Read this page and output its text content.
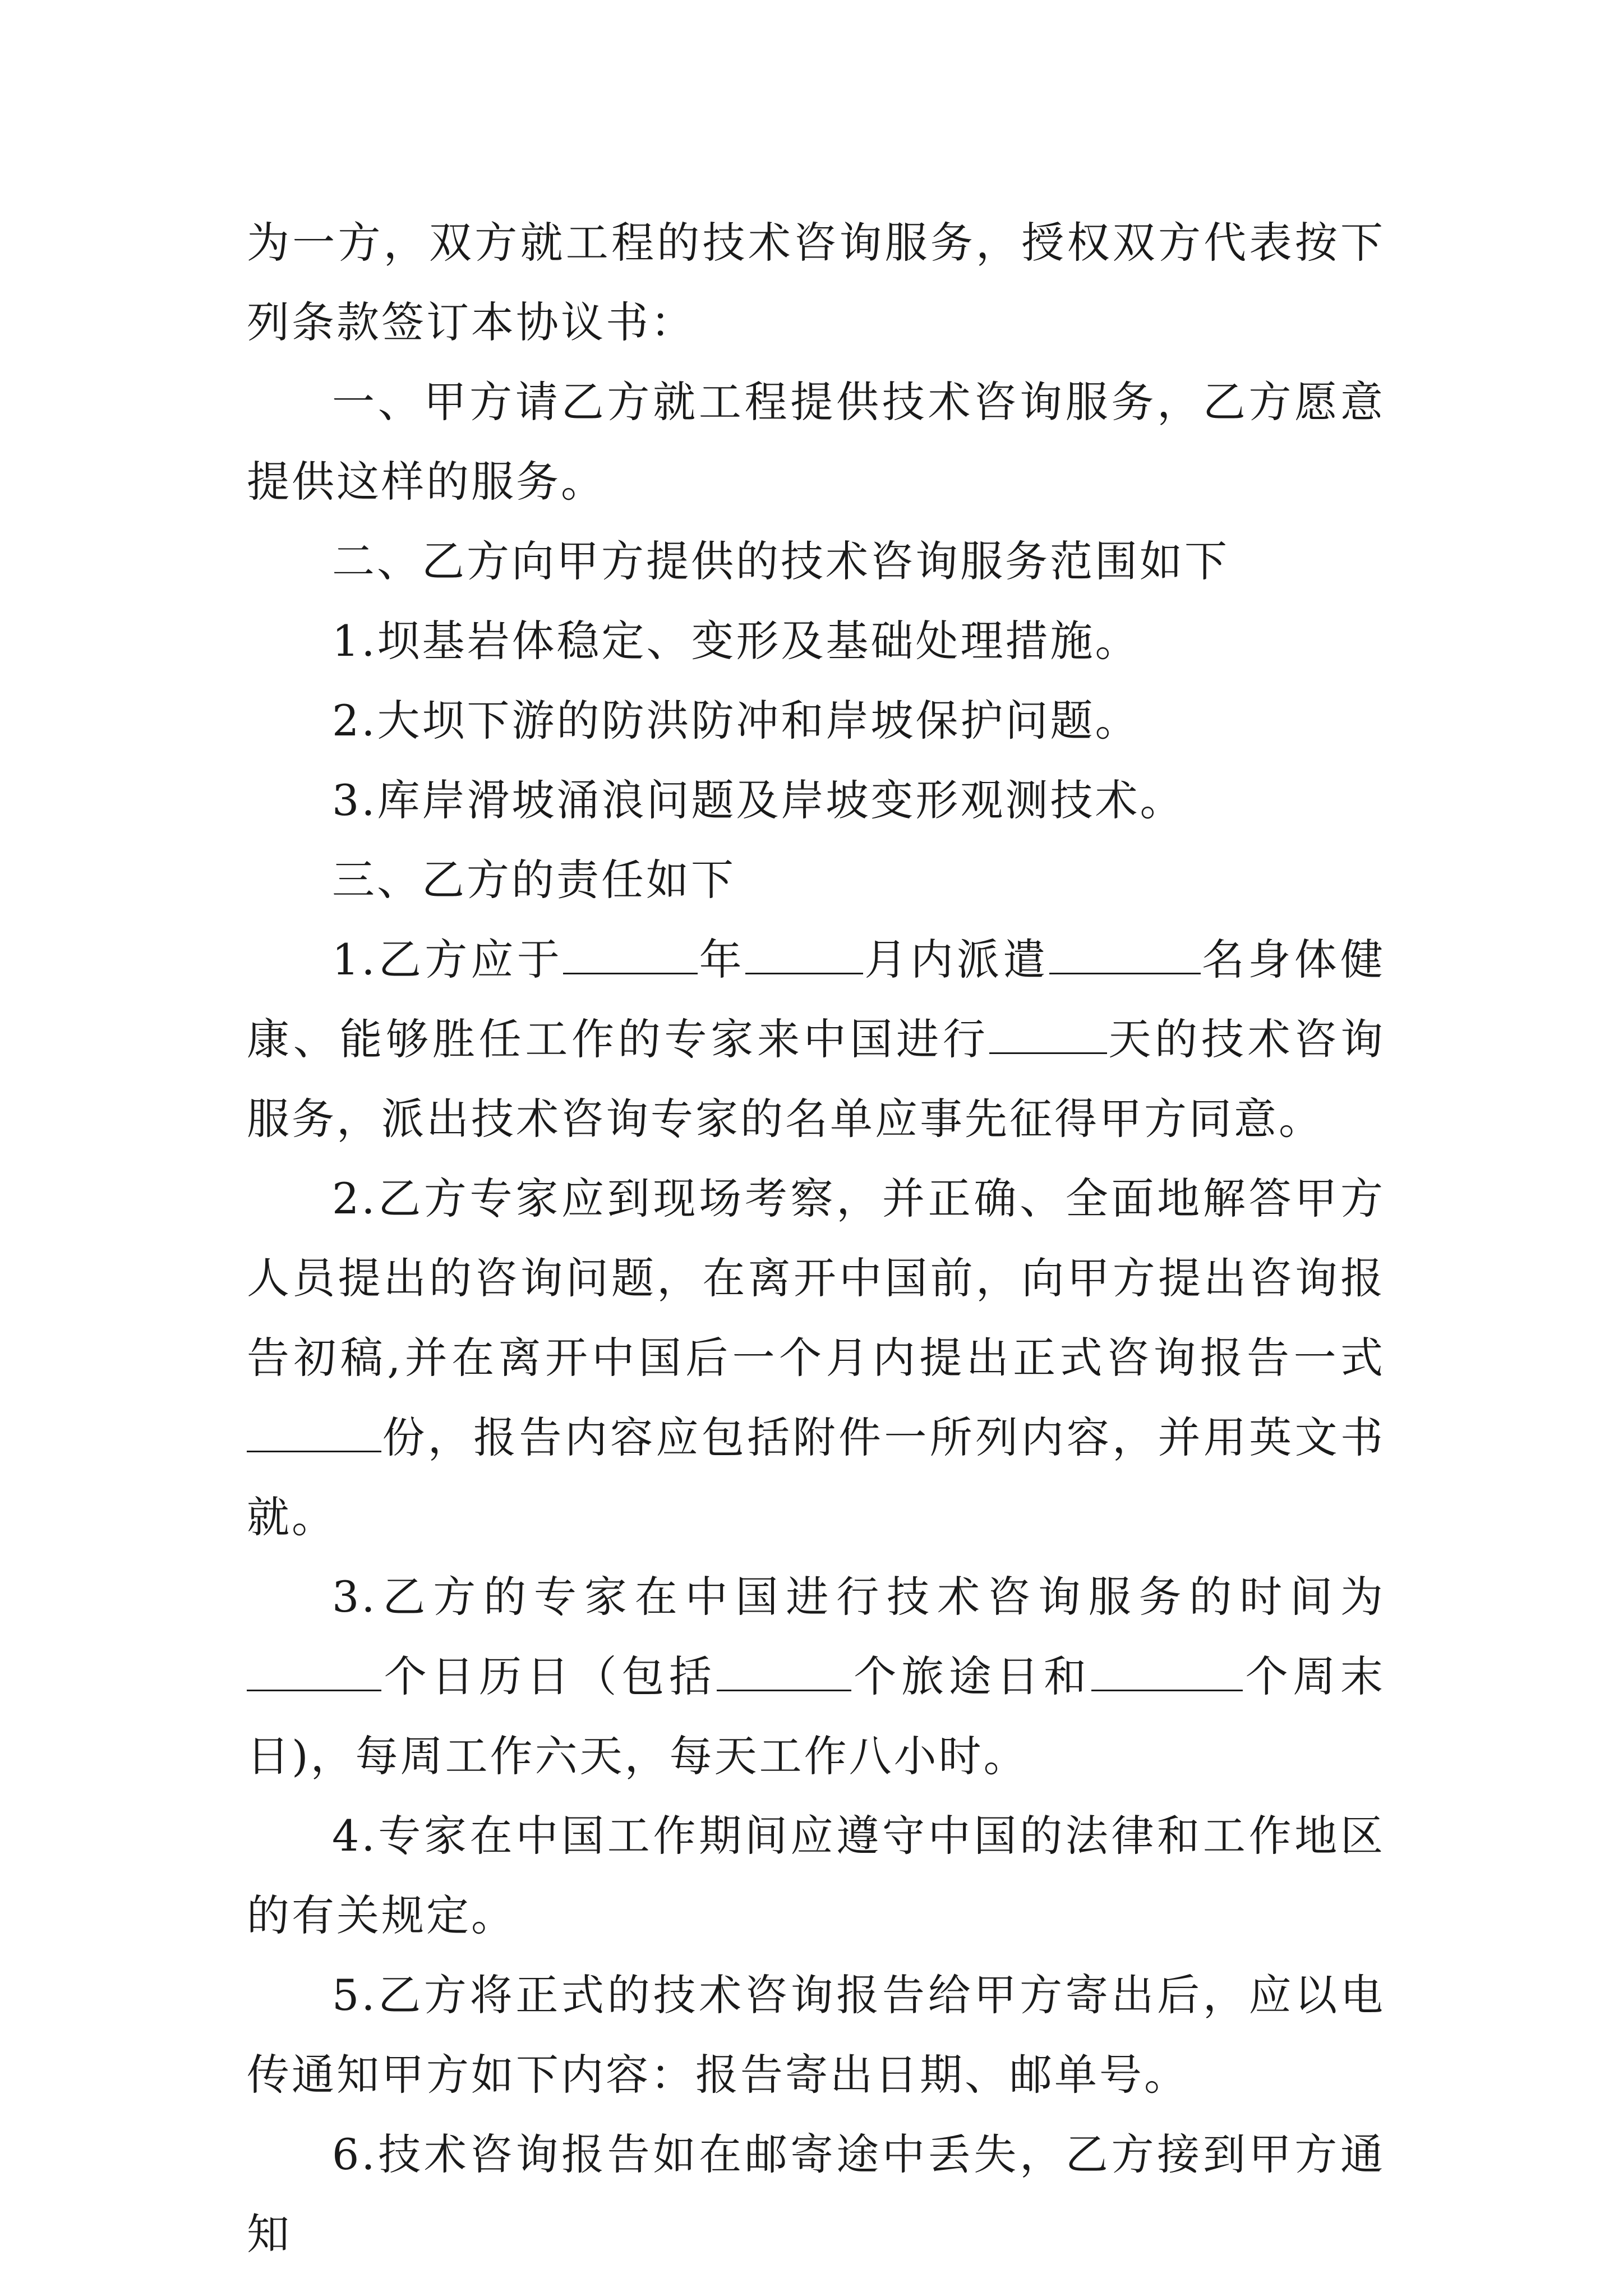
为一方，双方就工程的技术咨询服务，授权双方代表按下列条款签订本协议书：

一、甲方请乙方就工程提供技术咨询服务，乙方愿意提供这样的服务。

二、乙方向甲方提供的技术咨询服务范围如下

1.坝基岩体稳定、变形及基础处理措施。

2.大坝下游的防洪防冲和岸坡保护问题。

3.库岸滑坡涌浪问题及岸坡变形观测技术。

三、乙方的责任如下

1.乙方应于	年	月内派遣	名身体健康、能够胜任工作的专家来中国进行	天的技术咨询服务，派出技术咨询专家的名单应事先征得甲方同意。

2.乙方专家应到现场考察，并正确、全面地解答甲方人员提出的咨询问题，在离开中国前，向甲方提出咨询报告初稿,并在离开中国后一个月内提出正式咨询报告一式份，报告内容应包括附件一所列内容，并用英文书就。

3.乙方的专家在中国进行技术咨询服务的时间为个日历日（包括	个旅途日和	个周末日)，每周工作六天，每天工作八小时。

4.专家在中国工作期间应遵守中国的法律和工作地区的有关规定。

5.乙方将正式的技术咨询报告给甲方寄出后，应以电传通知甲方如下内容：报告寄出日期、邮单号。

6.技术咨询报告如在邮寄途中丢失，乙方接到甲方通知
